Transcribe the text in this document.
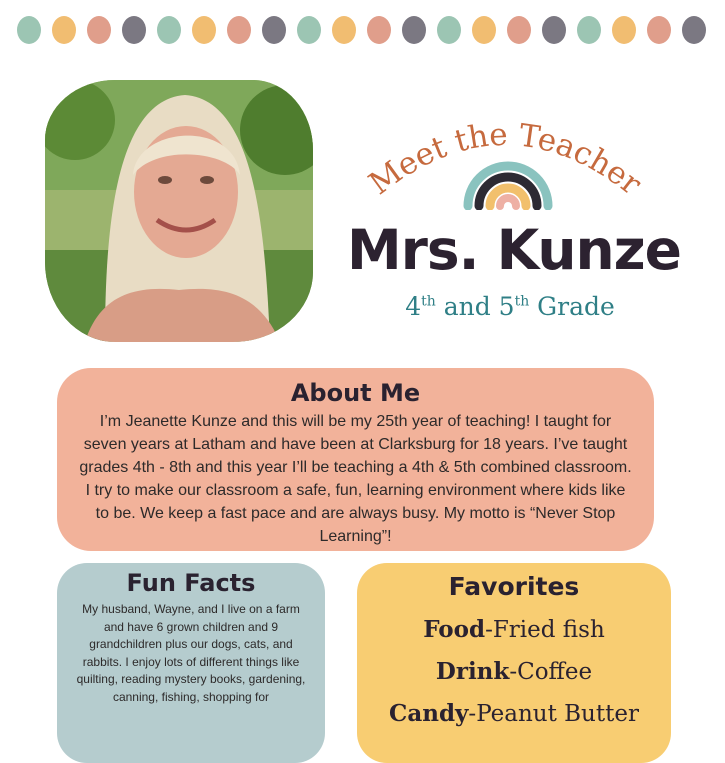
Meet the Teacher
Mrs. Kunze
4th and 5th Grade
About Me

I’m Jeanette Kunze and this will be my 25th year of teaching! I taught for seven years at Latham and have been at Clarksburg for 18 years. I’ve taught grades 4th - 8th and this year I’ll be teaching a 4th & 5th combined classroom. I try to make our classroom a safe, fun, learning environment where kids like to be. We keep a fast pace and are always busy. My motto is “Never Stop Learning”!

Fun Facts

My husband, Wayne, and I live on a farm and have 6 grown children and 9 grandchildren plus our dogs, cats, and rabbits. I enjoy lots of different things like quilting, reading mystery books, gardening, canning, fishing, shopping for

Favorites
Food-Fried fish
Drink-Coffee
Candy-Peanut Butter
